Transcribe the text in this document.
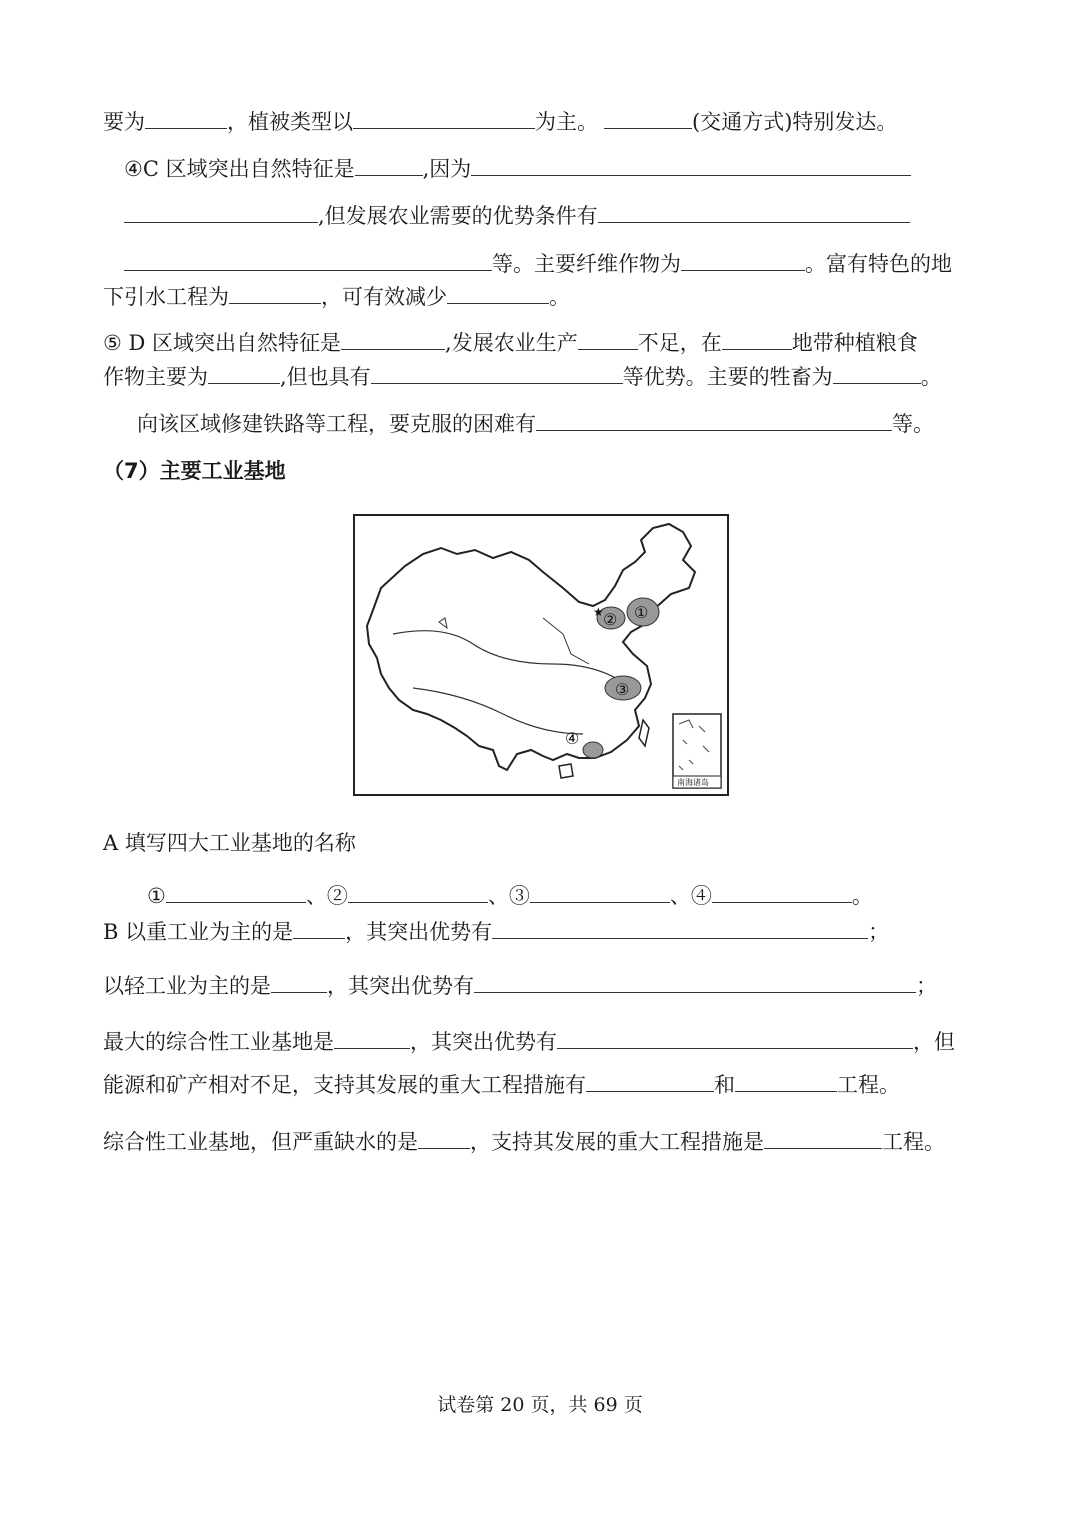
要为	，植被类型以	为主。	(交通方式)特别发达。
④C 区域突出自然特征是	,因为
,但发展农业需要的优势条件有
等。主要纤维作物为	。富有特色的地
下引水工程为	，可有效减少	。
⑤ D 区域突出自然特征是	,发展农业生产	不足，在	地带种植粮食
作物主要为	,但也具有	等优势。主要的牲畜为	。
向该区域修建铁路等工程，要克服的困难有	等。
（7）主要工业基地
★ ①
②
③
④
南海诸岛
A 填写四大工业基地的名称
①	、②	、③	、④	。
B 以重工业为主的是 ，其突出优势有	；
以轻工业为主的是	，其突出优势有	；
最大的综合性工业基地是	，其突出优势有	，但
能源和矿产相对不足，支持其发展的重大工程措施有	和	工程。
综合性工业基地，但严重缺水的是 ，支持其发展的重大工程措施是	工程。
试卷第 20 页，共 69 页
